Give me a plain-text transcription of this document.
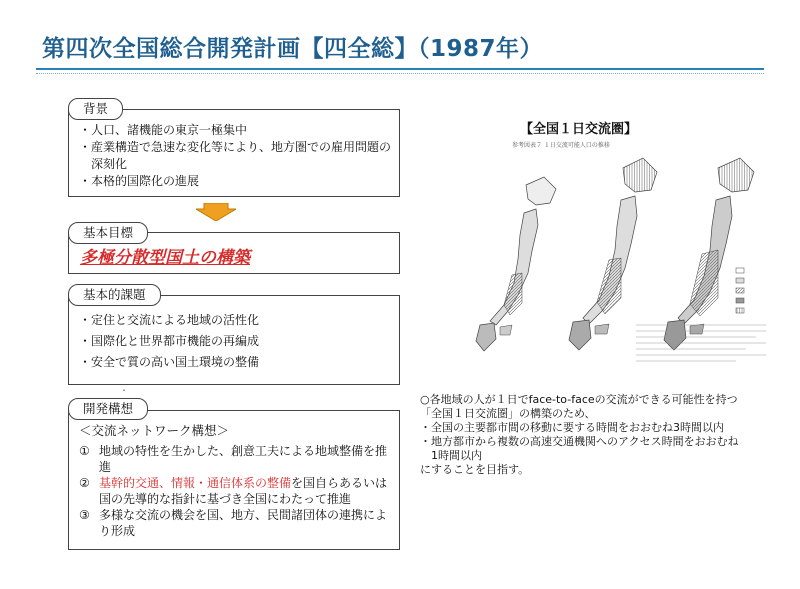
第四次全国総合開発計画【四全総】（1987年）
背景
・ 人口、諸機能の東京一極集中
・ 産業構造で急速な変化等により、地方圏での雇用問題の深刻化
・ 本格的国際化の進展
基本目標
多極分散型国土の構築
基本的課題
・ 定住と交流による地域の活性化
・ 国際化と世界都市機能の再編成
・ 安全で質の高い国土環境の整備
・
開発構想
＜交流ネットワーク構想＞
① 地域の特性を生かした、創意工夫による地域整備を推進
② 基幹的交通、情報・通信体系の整備を国自らあるいは国の先導的な指針に基づき全国にわたって推進
③ 多様な交流の機会を国、地方、民間諸団体の連携により形成
【全国１日交流圏】
参考図表７ １日交流可能人口の推移
○各地域の人が１日でface-to-faceの交流ができる可能性を持つ
「全国１日交流圏」の構築のため、
・全国の主要都市間の移動に要する時間をおおむね3時間以内
・地方都市から複数の高速交通機関へのアクセス時間をおおむね
　1時間以内
にすることを目指す。
